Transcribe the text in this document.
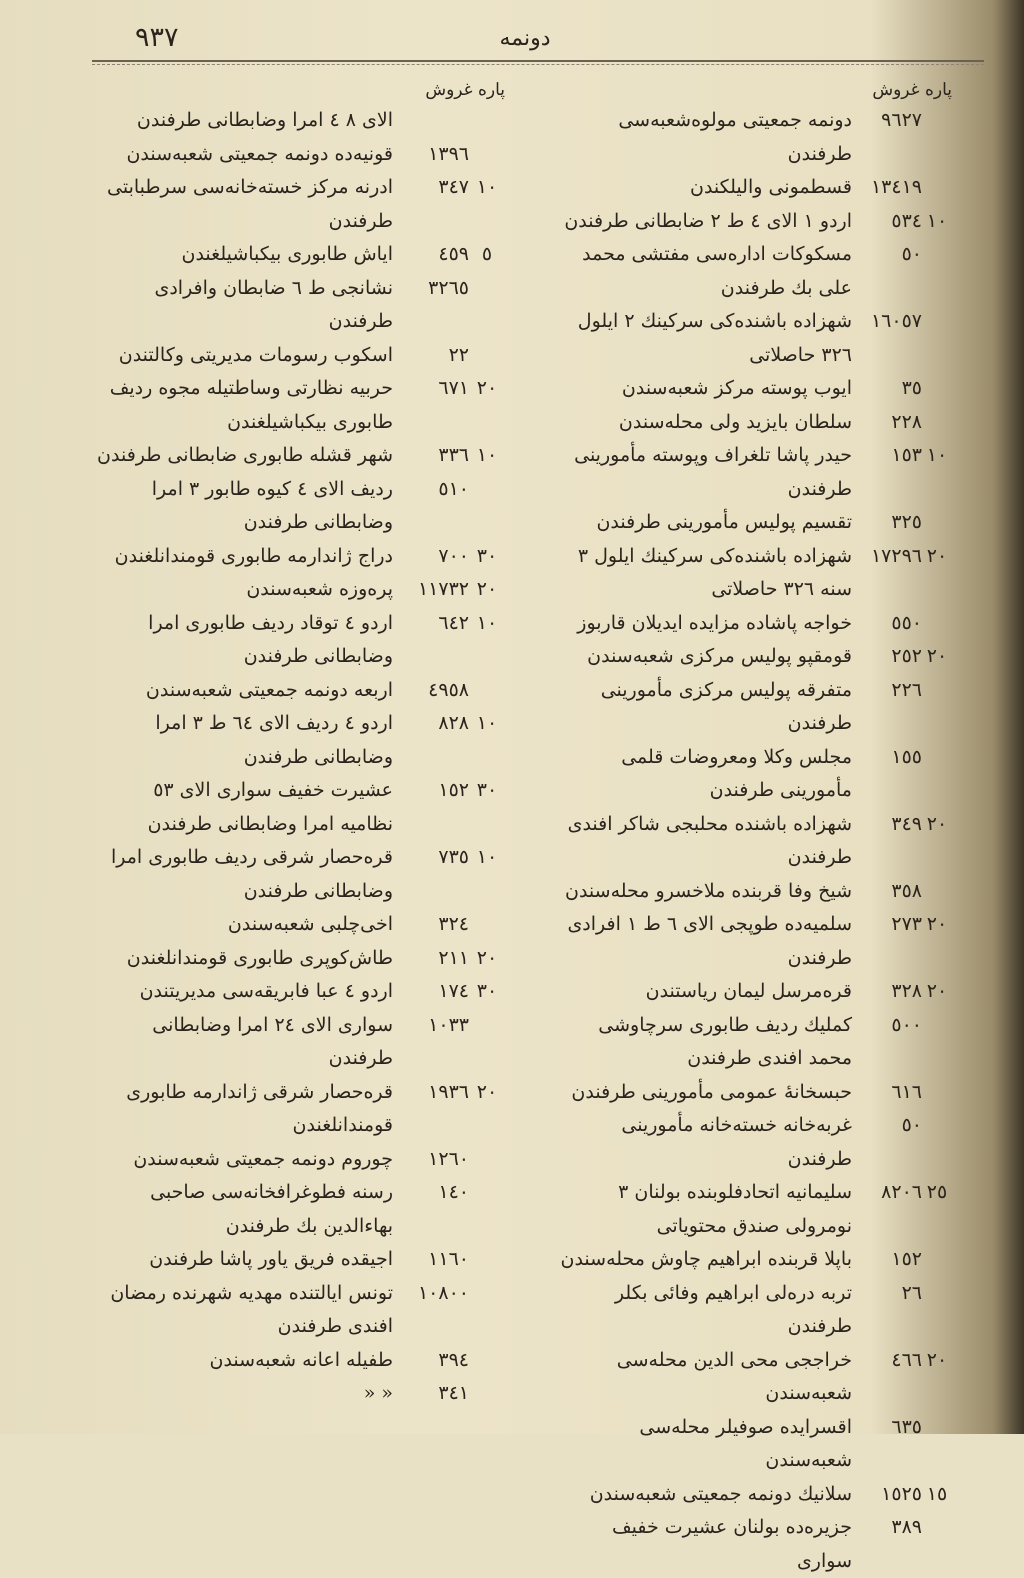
٩٣٧	دونمه
پاره غروش
٩٦٢٧
دونمه جمعيتى مولوه‌شعبه‌سى طرفندن
١٣٤١٩
قسطمونى واليلكندن
١٠
٥٣٤
اردو ١ الاى ٤ ط ٢ ضابطانى طرفندن
٥٠
مسكوكات اداره‌سى مفتشى محمد على بك طرفندن
١٦٠٥٧
شهزاده باشنده‌كى سركينك ٢ ايلول ٣٢٦ حاصلاتى
٣٥
ايوب پوسته مركز شعبه‌سندن
٢٢٨
سلطان بايزيد ولى محله‌سندن
١٠
١٥٣
حيدر پاشا تلغراف وپوسته مأمورينى طرفندن
٣٢٥
تقسيم پوليس مأمورينى طرفندن
٢٠
١٧٢٩٦
شهزاده باشنده‌كى سركينك ايلول ٣ سنه ٣٢٦ حاصلاتى
٥٥٠
خواجه پاشاده مزايده ايديلان قاربوز
٢٠
٢٥٢
قومقپو پوليس مركزى شعبه‌سندن
٢٢٦
متفرقه پوليس مركزى مأمورينى طرفندن
١٥٥
مجلس وكلا ومعروضات قلمى مأمورينى طرفندن
٢٠
٣٤٩
شهزاده باشنده محلبجى شاكر افندى طرفندن
٣٥٨
شيخ وفا قربنده ملاخسرو محله‌سندن
٢٠
٢٧٣
سلميه‌ده طوپجى الاى ٦ ط ١ افرادى طرفندن
٢٠
٣٢٨
قره‌مرسل ليمان رياستندن
٥٠٠
كمليك رديف طابورى سرچاوشى محمد افندى طرفندن
٦١٦
حبسخانۀ عمومى مأمورينى طرفندن
٥٠
غربه‌خانه خسته‌خانه مأمورينى طرفندن
٢٥
٨٢٠٦
سليمانيه اتحادفلوبنده بولنان ٣ نومرولى صندق محتوياتى
١٥٢
باپلا قربنده ابراهيم چاوش محله‌سندن
٢٦
تربه درەلى ابراهيم وفائى بكلر طرفندن
٢٠
٤٦٦
خراججى محى الدين محله‌سى شعبه‌سندن
٦٣٥
اقسرايده صوفيلر محله‌سى شعبه‌سندن
١٥
١٥٢٥
سلانيك دونمه جمعيتى شعبه‌سندن
٣٨٩
جزيره‌ده بولنان عشيرت خفيف سوارى
پاره غروش
الاى ٨ ٤ امرا وضابطانى طرفندن
١٣٩٦
قونيه‌ده دونمه جمعيتى شعبه‌سندن
١٠
٣٤٧
ادرنه مركز خسته‌خانه‌سى سرطبابتى طرفندن
٥
٤٥٩
اياش طابورى بيكباشيلغندن
٣٢٦٥
نشانجى ط ٦ ضابطان وافرادى طرفندن
٢٢
اسكوب رسومات مديريتى وكالتندن
٢٠
٦٧١
حربيه نظارتى وساطتيله مجوه رديف طابورى بيكباشيلغندن
١٠
٣٣٦
شهر قشله طابورى ضابطانى طرفندن
٥١٠
رديف الاى ٤ كيوه طابور ٣ امرا وضابطانى طرفندن
٣٠
٧٠٠
دراج ژاندارمه طابورى قومندانلغندن
٢٠
١١٧٣٢
پره‌وزه شعبه‌سندن
١٠
٦٤٢
اردو ٤ توقاد رديف طابورى امرا وضابطانى طرفندن
٤٩٥٨
اربعه دونمه جمعيتى شعبه‌سندن
١٠
٨٢٨
اردو ٤ رديف الاى ٦٤ ط ٣ امرا وضابطانى طرفندن
٣٠
١٥٢
عشيرت خفيف سوارى الاى ٥٣ نظاميه امرا وضابطانى طرفندن
١٠
٧٣٥
قره‌حصار شرقى رديف طابورى امرا وضابطانى طرفندن
٣٢٤
اخى‌چلبى شعبه‌سندن
٢٠
٢١١
طاش‌كوپرى طابورى قومندانلغندن
٣٠
١٧٤
اردو ٤ عبا فابريقه‌سى مديريتندن
١٠٣٣
سوارى الاى ٢٤ امرا وضابطانى طرفندن
٢٠
١٩٣٦
قره‌حصار شرقى ژاندارمه طابورى قومندانلغندن
١٢٦٠
چوروم دونمه جمعيتى شعبه‌سندن
١٤٠
رسنه فطوغرافخانه‌سى صاحبى بهاءالدين بك طرفندن
١١٦٠
اجيقده فريق ياور پاشا طرفندن
١٠٨٠٠
تونس ايالتنده مهديه شهرنده رمضان افندى طرفندن
٣٩٤
طفيله اعانه شعبه‌سندن
٣٤١
« «
